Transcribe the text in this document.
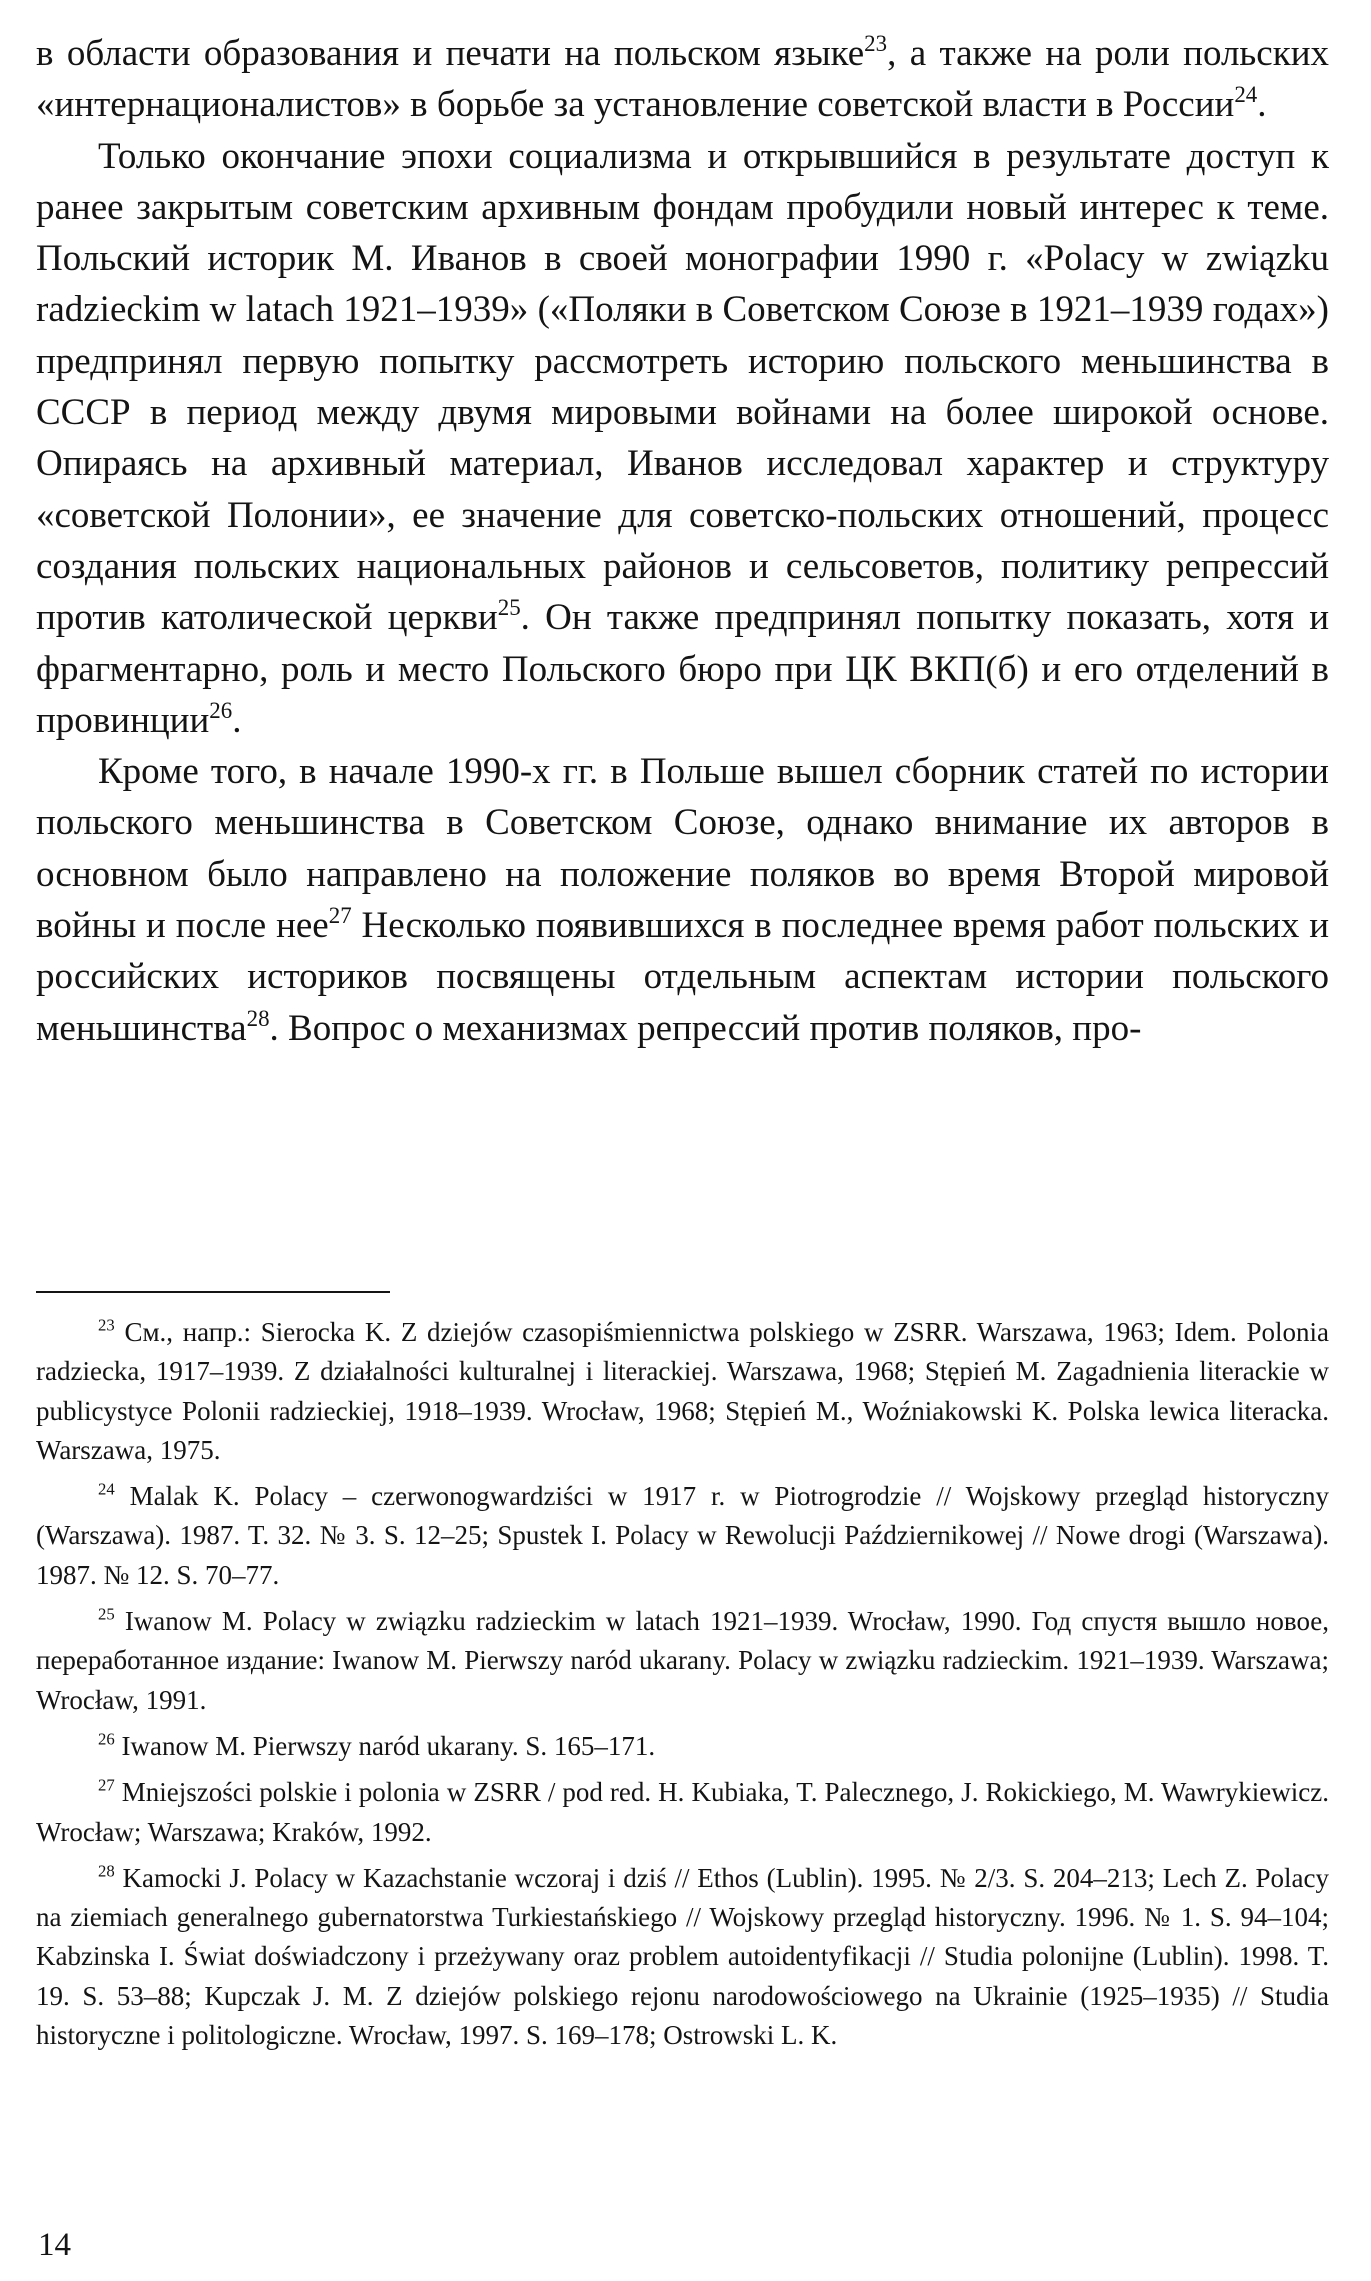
в области образования и печати на польском языке$^{23}$, а также на роли польских «интернационалистов» в борьбе за установление советской власти в России$^{24}$.

Только окончание эпохи социализма и открывшийся в результате доступ к ранее закрытым советским архивным фондам пробудили новый интерес к теме. Польский историк М. Иванов в своей монографии 1990 г. «Polacy w związku radzieckim w latach 1921–1939» («Поляки в Советском Союзе в 1921–1939 годах») предпринял первую попытку рассмотреть историю польского меньшинства в СССР в период между двумя мировыми войнами на более широкой основе. Опираясь на архивный материал, Иванов исследовал характер и структуру «советской Полонии», ее значение для советско-польских отношений, процесс создания польских национальных районов и сельсоветов, политику репрессий против католической церкви$^{25}$. Он также предпринял попытку показать, хотя и фрагментарно, роль и место Польского бюро при ЦК ВКП(б) и его отделений в провинции$^{26}$.

Кроме того, в начале 1990-х гг. в Польше вышел сборник статей по истории польского меньшинства в Советском Союзе, однако внимание их авторов в основном было направлено на положение поляков во время Второй мировой войны и после нее$^{27}$ Несколько появившихся в последнее время работ польских и российских историков посвящены отдельным аспектам истории польского меньшинства$^{28}$. Вопрос о механизмах репрессий против поляков, про-

$^{23}$ См., напр.: Sierocka K. Z dziejów czasopiśmiennictwa polskiego w ZSRR. Warszawa, 1963; Idem. Polonia radziecka, 1917–1939. Z działalności kulturalnej i literackiej. Warszawa, 1968; Stępień M. Zagadnienia literackie w publicystyce Polonii radzieckiej, 1918–1939. Wrocław, 1968; Stępień M., Woźniakowski K. Polska lewica literacka. Warszawa, 1975.

$^{24}$ Malak K. Polacy – czerwonogwardziści w 1917 r. w Piotrogrodzie // Wojskowy przegląd historyczny (Warszawa). 1987. T. 32. № 3. S. 12–25; Spustek I. Polacy w Rewolucji Październikowej // Nowe drogi (Warszawa). 1987. № 12. S. 70–77.

$^{25}$ Iwanow M. Polacy w związku radzieckim w latach 1921–1939. Wrocław, 1990. Год спустя вышло новое, переработанное издание: Iwanow M. Pierwszy naród ukarany. Polacy w związku radzieckim. 1921–1939. Warszawa; Wrocław, 1991.

$^{26}$ Iwanow M. Pierwszy naród ukarany. S. 165–171.

$^{27}$ Mniejszości polskie i polonia w ZSRR / pod red. H. Kubiaka, T. Palecznego, J. Rokickiego, M. Wawrykiewicz. Wrocław; Warszawa; Kraków, 1992.

$^{28}$ Kamocki J. Polacy w Kazachstanie wczoraj i dziś // Ethos (Lublin). 1995. № 2/3. S. 204–213; Lech Z. Polacy na ziemiach generalnego gubernatorstwa Turkiestańskiego // Wojskowy przegląd historyczny. 1996. № 1. S. 94–104; Kabzinska I. Świat doświadczony i przeżywany oraz problem autoidentyfikacji // Studia polonijne (Lublin). 1998. T. 19. S. 53–88; Kupczak J. M. Z dziejów polskiego rejonu narodowościowego na Ukrainie (1925–1935) // Studia historyczne i politologiczne. Wrocław, 1997. S. 169–178; Ostrowski L. K.

14
